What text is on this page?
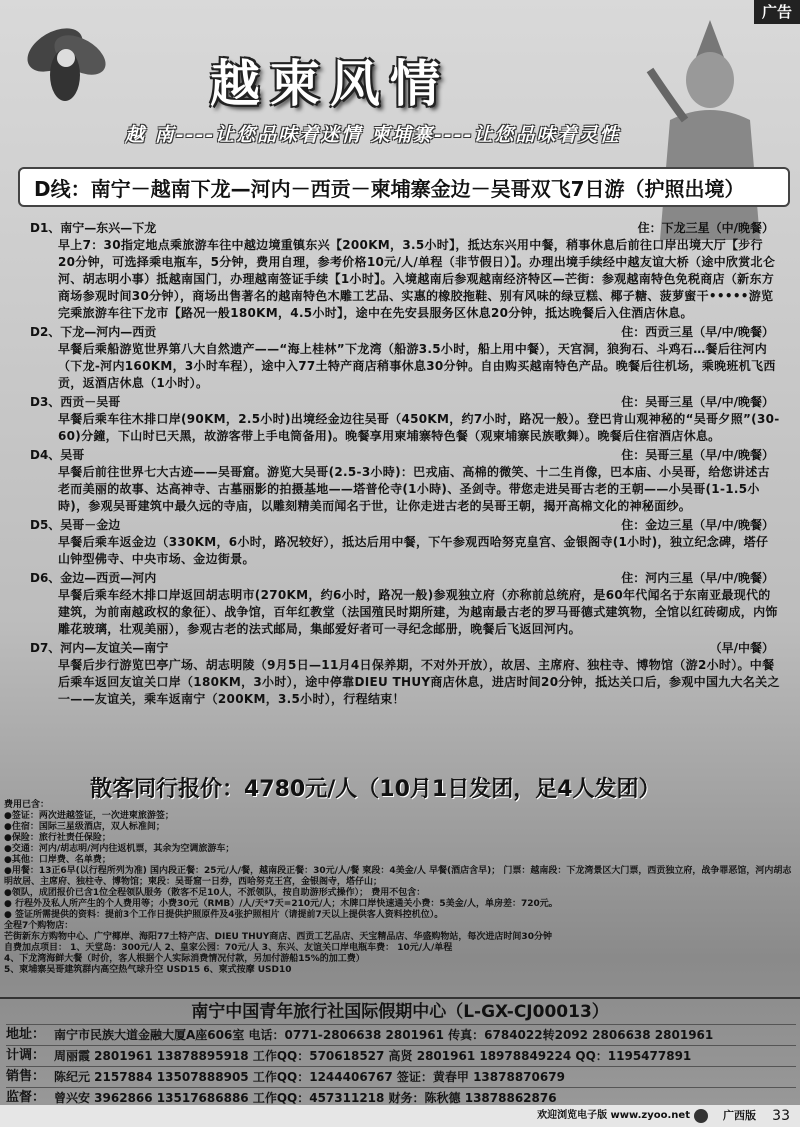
广告
越柬风情
越 南----让您品味着迷情 柬埔寨----让您品味着灵性
D线：南宁－越南下龙—河内－西贡－柬埔寨金边－吴哥双飞7日游（护照出境）
D1、南宁—东兴—下龙	住：下龙三星（中/晚餐）
早上7：30指定地点乘旅游车往中越边境重镇东兴【200KM，3.5小时】，抵达东兴用中餐，稍事休息后前往口岸出境大厅【步行20分钟，可选择乘电瓶车，5分钟，费用自理，参考价格10元/人/单程（非节假日）】。办理出境手续经中越友谊大桥（途中欣赏北仑河、胡志明小事）抵越南国门，办理越南签证手续【1小时】。入境越南后参观越南经济特区—芒街：参观越南特色免税商店（新东方商场参观时间30分钟），商场出售著名的越南特色木雕工艺品、实惠的橡胶拖鞋、别有风味的绿豆糕、椰子糖、菠萝蜜干•••••游览完乘旅游车往下龙市【路况一般180KM，4.5小时】，途中在先安县服务区休息20分钟，抵达晚餐后入住酒店休息。
D2、下龙—河内—西贡	住：西贡三星（早/中/晚餐）
早餐后乘船游览世界第八大自然遗产——“海上桂林”下龙湾（船游3.5小时，船上用中餐），天宫洞，狼狗石、斗鸡石…餐后往河内（下龙-河内160KM，3小时车程），途中入77土特产商店稍事休息30分钟。自由购买越南特色产品。晚餐后往机场，乘晚班机飞西贡，返酒店休息（1小时）。
D3、西贡－吴哥	住：吴哥三星（早/中/晚餐）
早餐后乘车往木排口岸(90KM，2.5小时)出境经金边往吴哥（450KM，约7小时，路况一般）。登巴肯山观神秘的“吴哥夕照”(30-60)分鐘，下山时已天黑，故游客带上手电筒备用)。晚餐享用柬埔寨特色餐（观柬埔寨民族歌舞）。晚餐后住宿酒店休息。
D4、吴哥	住：吴哥三星（早/中/晚餐）
早餐后前往世界七大古迹——吴哥窟。游览大吴哥(2.5-3小時)：巴戎庙、高棉的微笑、十二生肖像，巴本庙、小吴哥，给您讲述古老而美丽的故事、达高神寺、古墓丽影的拍摄基地——塔普伦寺(1小時)、圣剑寺。带您走进吴哥古老的王朝——小吴哥(1-1.5小時)，参观吴哥建筑中最久远的寺庙，以雕刻精美而闻名于世，让你走进古老的吴哥王朝，揭开高棉文化的神秘面纱。
D5、吴哥－金边	住：金边三星（早/中/晚餐）
早餐后乘车返金边（330KM，6小时，路况较好），抵达后用中餐，下午参观西哈努克皇宫、金银阁寺(1小时)，独立纪念碑，塔仔山钟型佛寺、中央市场、金边街景。
D6、金边—西贡—河内	住：河内三星（早/中/晚餐）
早餐后乘车经木排口岸返回胡志明市(270KM，约6小时，路况一般)参观独立府（亦称前总统府，是60年代闻名于东南亚最现代的建筑，为前南越政权的象征）、战争馆，百年红教堂（法国殖民时期所建，为越南最古老的罗马哥德式建筑物，全馆以红砖砌成，内饰雕花玻璃，壮观美丽），参观古老的法式邮局，集邮爱好者可一寻纪念邮册，晚餐后飞返回河内。
D7、河内—友谊关—南宁	（早/中餐）
早餐后步行游览巴亭广场、胡志明陵（9月5日—11月4日保养期，不对外开放），故居、主席府、独柱寺、博物馆（游2小时）。中餐后乘车返回友谊关口岸（180KM，3小时），途中停靠DIEU THUY商店休息，进店时间20分钟，抵达关口后，参观中国九大名关之一——友谊关，乘车返南宁（200KM，3.5小时），行程结束！
散客同行报价：4780元/人（10月1日发团，足4人发团）

费用已含：

●签证：两次进越签证，一次进柬旅游签；

●住宿：国际三星级酒店，双人标准间；

●保险：旅行社责任保险；

●交通：河内/胡志明/河内往返机票，其余为空调旅游车；

●其他：口岸费、名单费；

●用餐：13正6早(以行程所列为准) 国内段正餐：25元/人/餐，越南段正餐：30元/人/餐 柬段：4美金/人 早餐(酒店含早)； 门票：越南段：下龙湾景区大门票，西贡独立府，战争罪恶馆，河内胡志明故居、主席府、独柱寺、博物馆；柬段：吴哥窟一日券，西哈努克王宫，金银阁寺，塔仔山；

●领队，成团报价已含1位全程领队服务（散客不足10人，不派领队，按自助游形式操作）； 费用不包含：

● 行程外及私人所产生的个人费用等；小费30元（RMB）/人/天*7天=210元/人；木牌口岸快速通关小费：5美金/人，单房差：720元。

● 签证所需提供的资料：提前3个工作日提供护照原件及4张护照相片（请提前7天以上提供客人资料控机位）。

全程7个购物店：

芒街新东方购物中心、广宁椰岸、海阳77土特产店、DIEU THUY商店、西贡工艺品店、天宝精品店、华盛购物站，每次进店时间30分钟

自费加点项目： 1、天堂岛：300元/人 2、皇家公园：70元/人 3、东兴、友谊关口岸电瓶车费： 10元/人/单程

4、下龙湾海鲜大餐（时价，客人根据个人实际消费情况付款，另加付游船15%的加工费）

5、柬埔寨吴哥建筑群内高空热气球升空 USD15 6、柬式按摩 USD10

南宁中国青年旅行社国际假期中心（L-GX-CJ00013）
地址： 南宁市民族大道金融大厦A座606室 电话：0771-2806638 2801961 传真：6784022转2092 2806638 2801961
计调： 周丽霞 2801961 13878895918 工作QQ：570618527 高贤 2801961 18978849224 QQ：1195477891
销售： 陈纪元 2157884 13507888905 工作QQ：1244406767 签证：黄春甲 13878870679
监督： 曾兴安 3962866 13517686886 工作QQ：457311218 财务：陈秋德 13878862876
欢迎浏览电子版 www.zyoo.net	广西版 33
